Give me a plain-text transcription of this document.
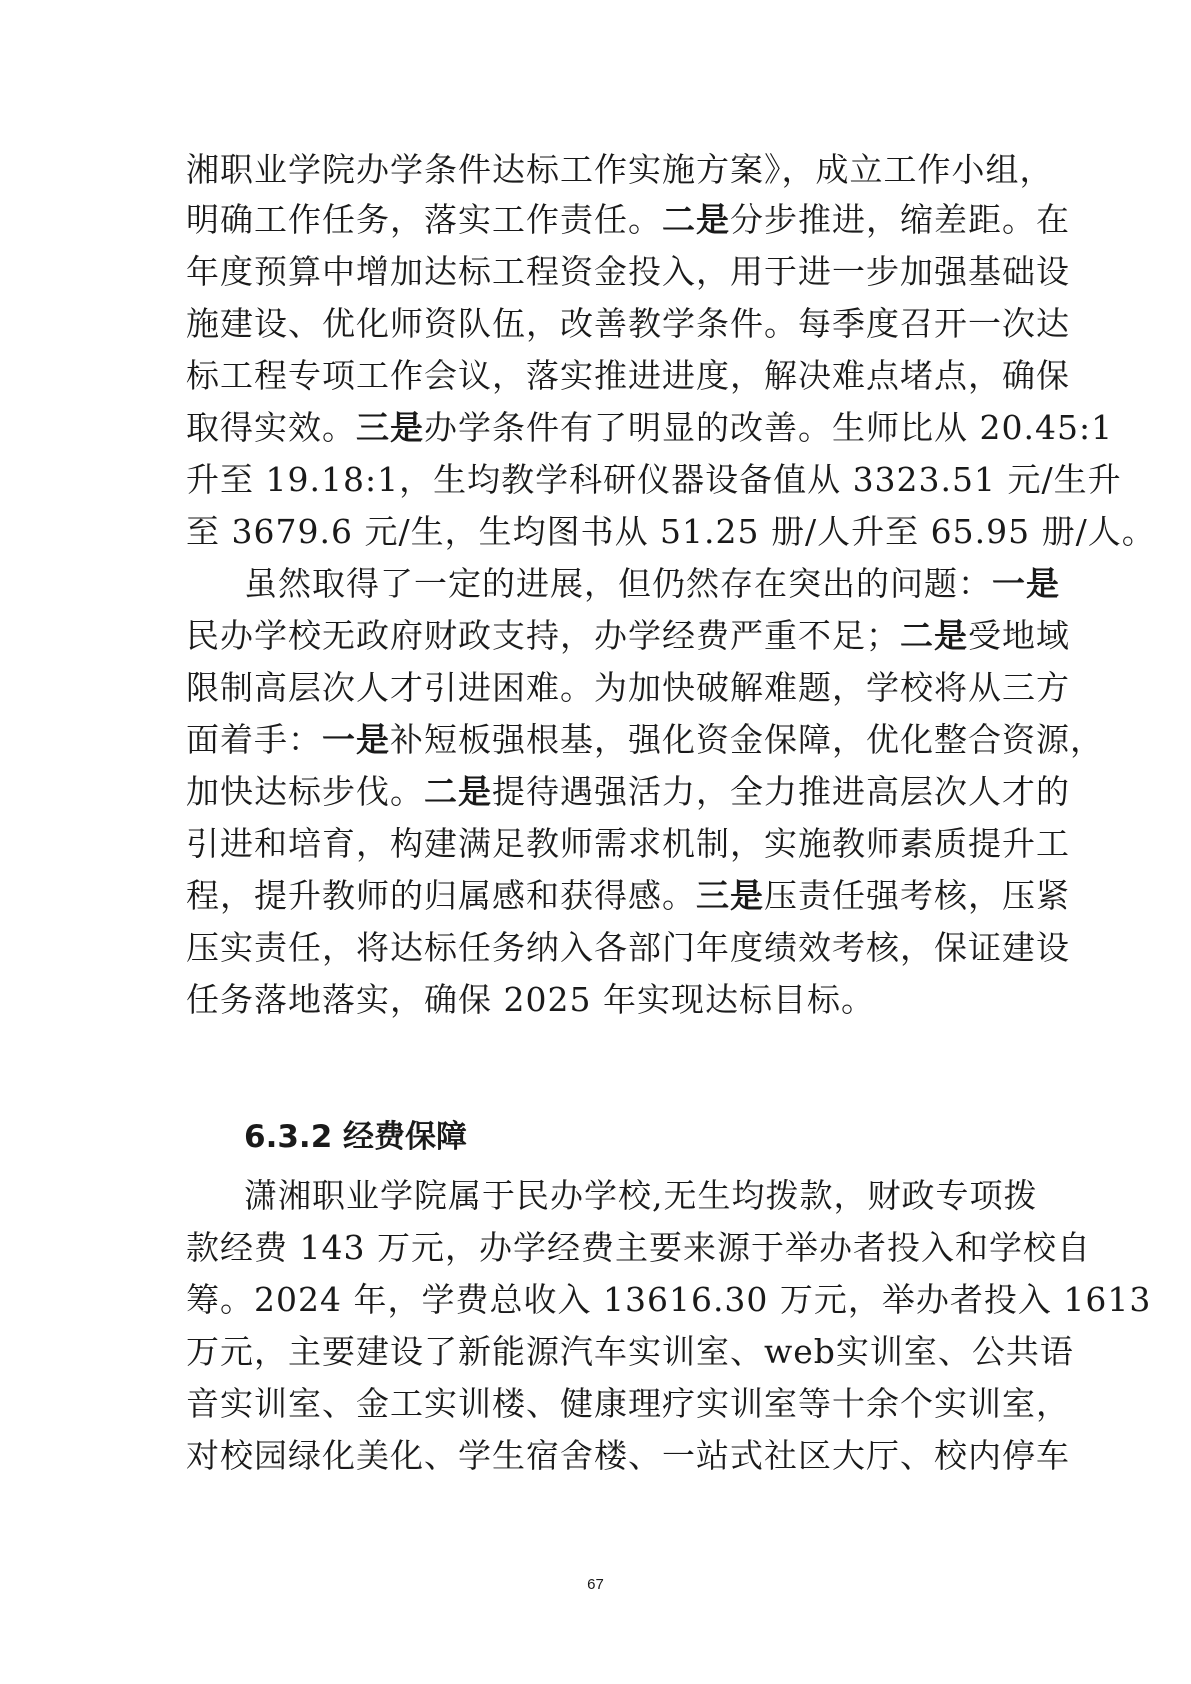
湘职业学院办学条件达标工作实施方案》，成立工作小组，
明确工作任务，落实工作责任。二是分步推进，缩差距。在
年度预算中增加达标工程资金投入，用于进一步加强基础设
施建设、优化师资队伍，改善教学条件。每季度召开一次达
标工程专项工作会议，落实推进进度，解决难点堵点，确保
取得实效。三是办学条件有了明显的改善。生师比从 20.45:1
升至 19.18:1，生均教学科研仪器设备值从 3323.51 元/生升
至 3679.6 元/生，生均图书从 51.25 册/人升至 65.95 册/人。
虽然取得了一定的进展，但仍然存在突出的问题：一是
民办学校无政府财政支持，办学经费严重不足；二是受地域
限制高层次人才引进困难。为加快破解难题，学校将从三方
面着手：一是补短板强根基，强化资金保障，优化整合资源，
加快达标步伐。二是提待遇强活力，全力推进高层次人才的
引进和培育，构建满足教师需求机制，实施教师素质提升工
程，提升教师的归属感和获得感。三是压责任强考核，压紧
压实责任，将达标任务纳入各部门年度绩效考核，保证建设
任务落地落实，确保 2025 年实现达标目标。
6.3.2 经费保障
潇湘职业学院属于民办学校,无生均拨款，财政专项拨
款经费 143 万元，办学经费主要来源于举办者投入和学校自
筹。2024 年，学费总收入 13616.30 万元，举办者投入 1613
万元，主要建设了新能源汽车实训室、web实训室、公共语
音实训室、金工实训楼、健康理疗实训室等十余个实训室，
对校园绿化美化、学生宿舍楼、一站式社区大厅、校内停车
67
